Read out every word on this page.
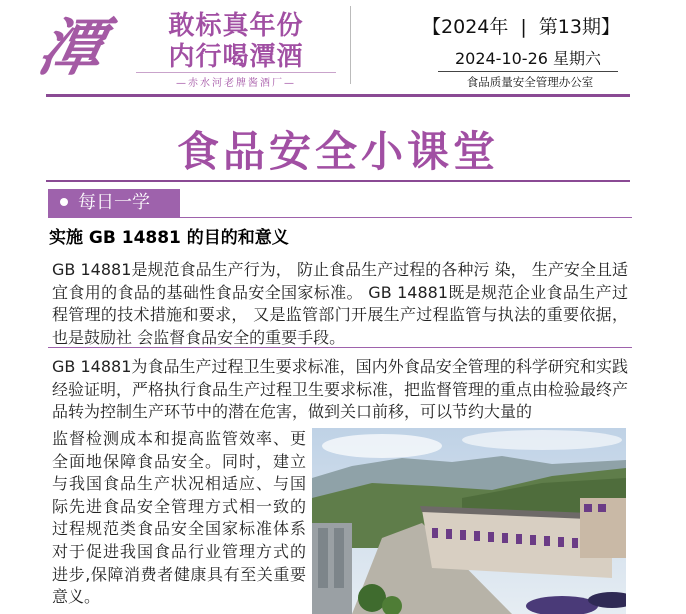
潭	敢标真年份
内行喝潭酒
—赤水河老牌酱酒厂—
【2024年 | 第13期】
2024-10-26 星期六
食品质量安全管理办公室
食品安全小课堂
每日一学
实施 GB 14881 的目的和意义
GB 14881是规范食品生产行为， 防止食品生产过程的各种污 染， 生产安全且适宜食用的食品的基础性食品安全国家标准。 GB 14881既是规范企业食品生产过程管理的技术措施和要求， 又是监管部门开展生产过程监管与执法的重要依据， 也是鼓励社 会监督食品安全的重要手段。
GB 14881为食品生产过程卫生要求标准，国内外食品安全管理的科学研究和实践经验证明，严格执行食品生产过程卫生要求标准，把监督管理的重点由检验最终产品转为控制生产环节中的潜在危害，做到关口前移，可以节约大量的
监督检测成本和提高监管效率、更全面地保障食品安全。同时，建立与我国食品生产状况相适应、与国际先进食品安全管理方式相一致的过程规范类食品安全国家标准体系对于促进我国食品行业管理方式的进步,保障消费者健康具有至关重要意义。
